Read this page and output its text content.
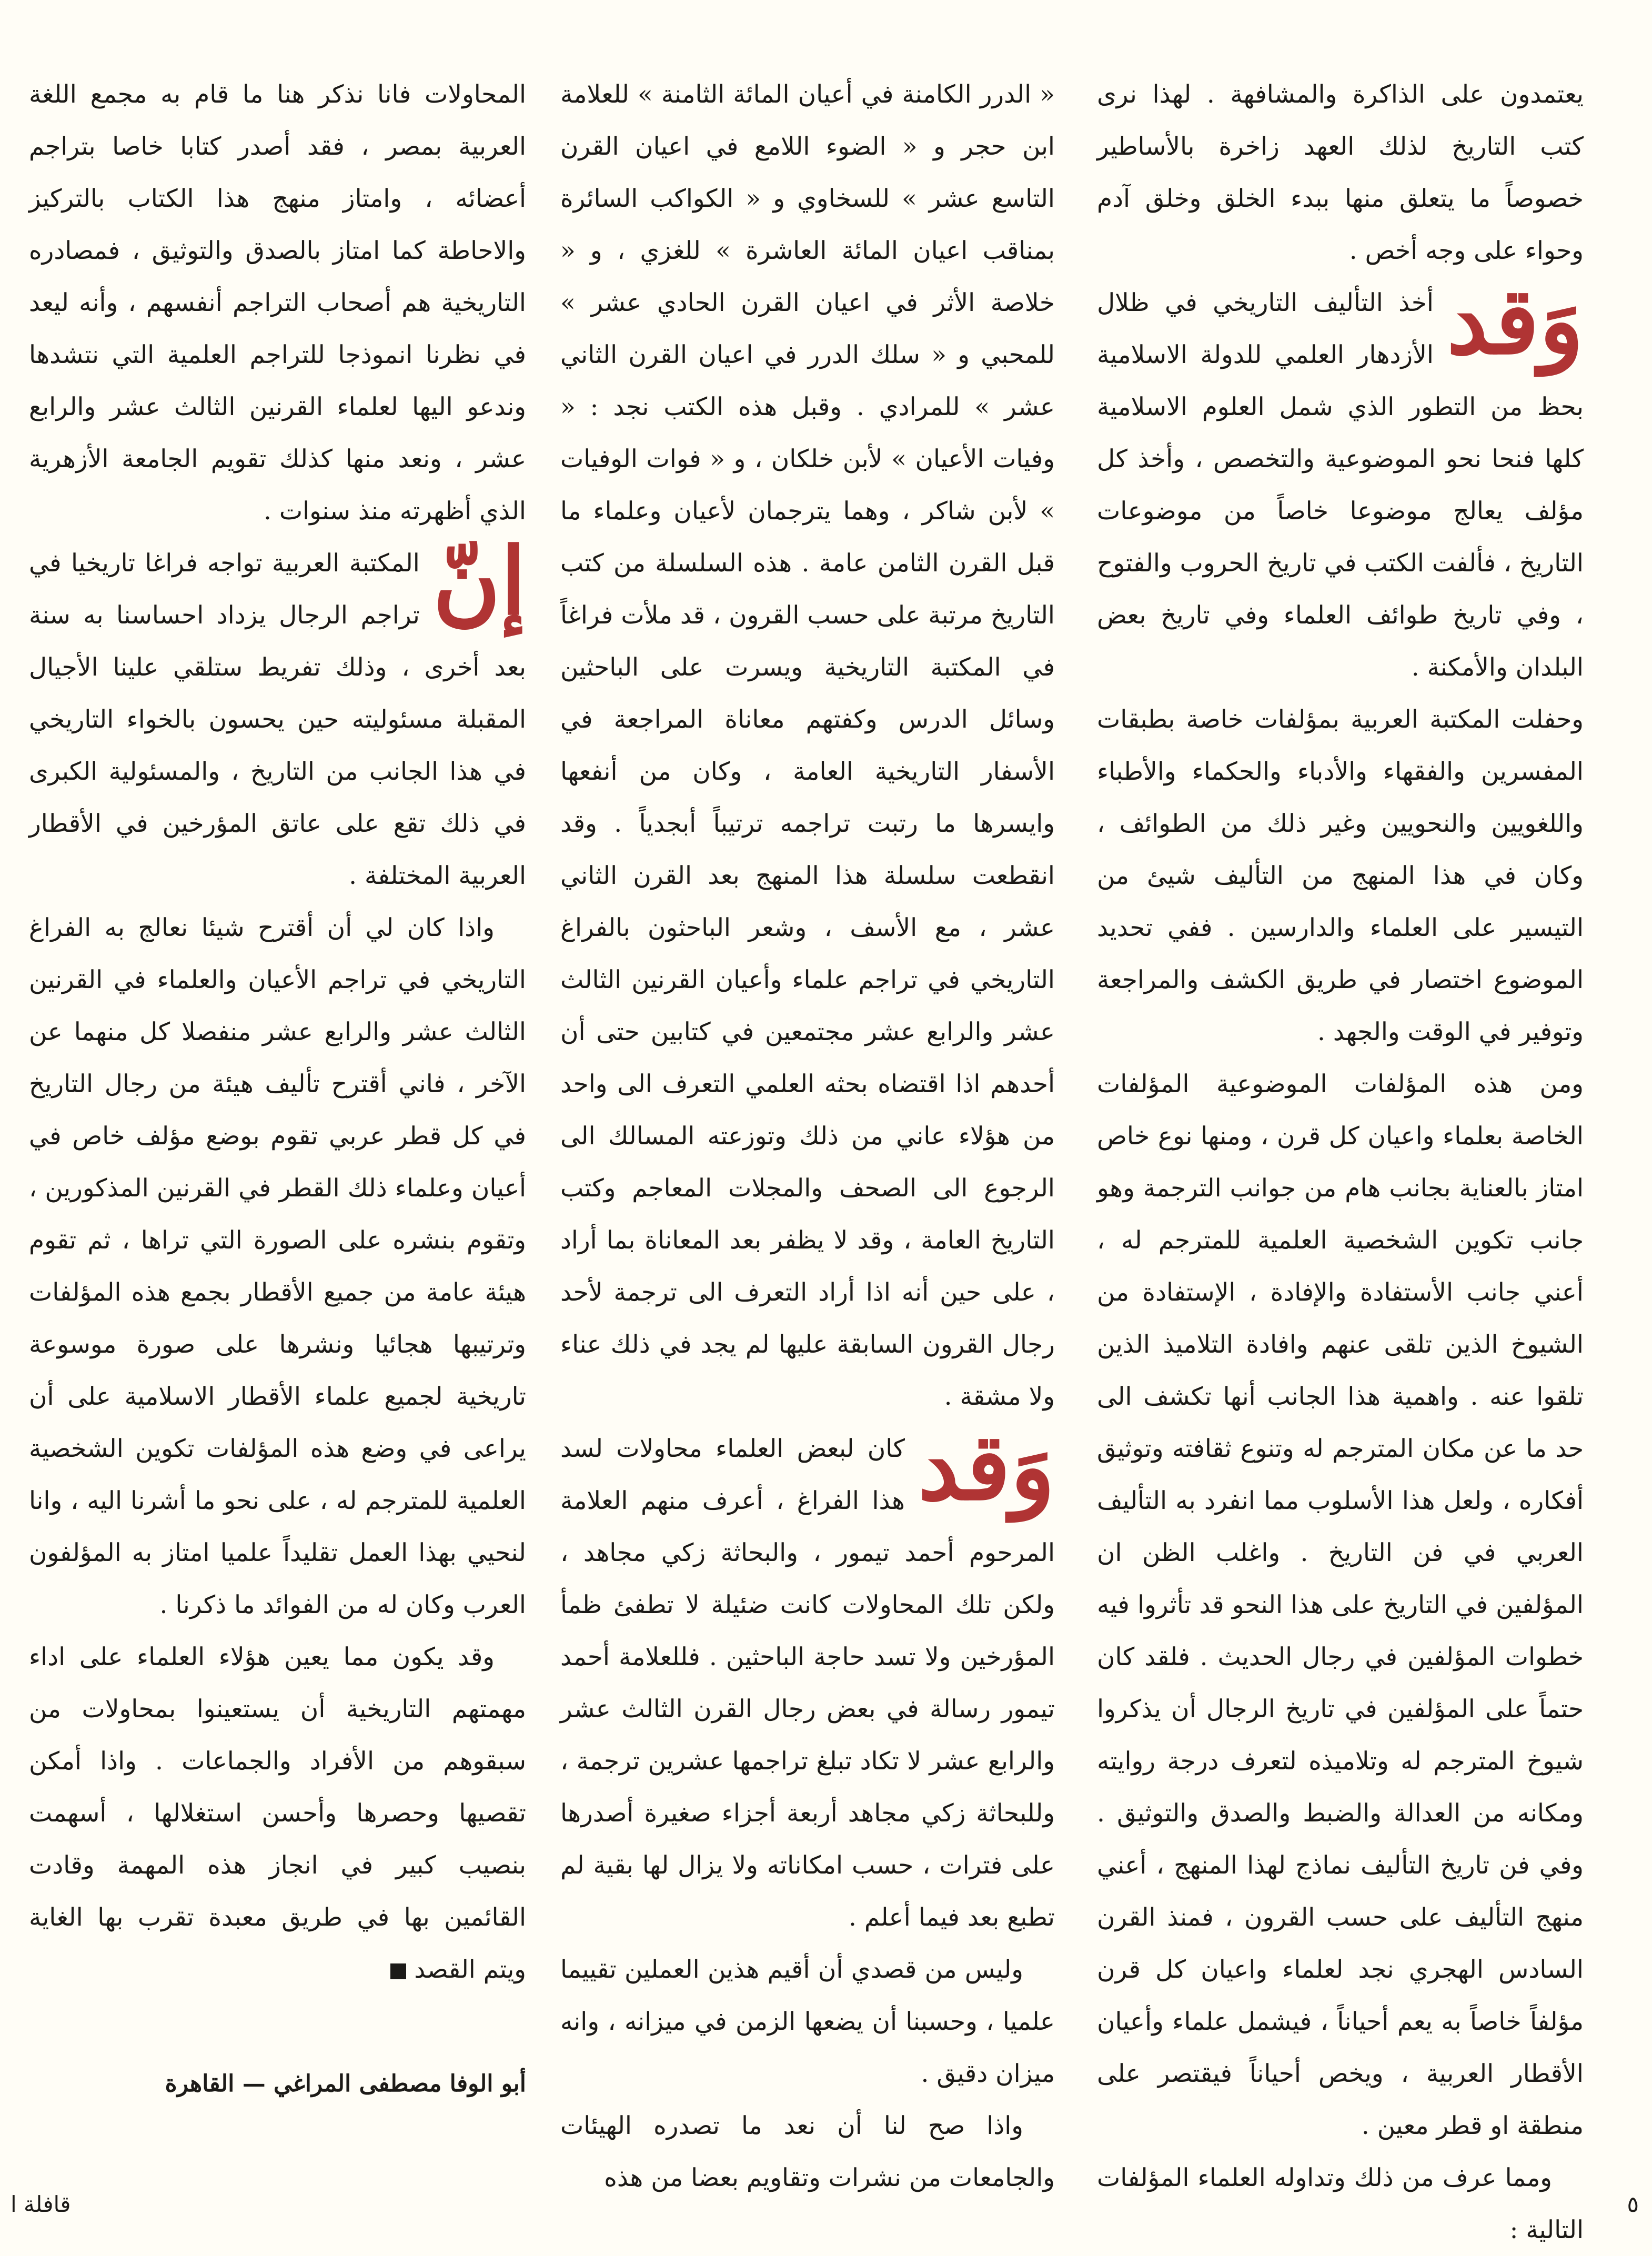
يعتمدون على الذاكرة والمشافهة . لهذا نرى كتب التاريخ لذلك العهد زاخرة بالأساطير خصوصاً ما يتعلق منها ببدء الخلق وخلق آدم وحواء على وجه أخص .

وَقد
أخذ التأليف التاريخي في ظلال الأزدهار العلمي للدولة الاسلامية بحظ من التطور الذي شمل العلوم الاسلامية كلها فنحا نحو الموضوعية والتخصص ، وأخذ كل مؤلف يعالج موضوعا خاصاً من موضوعات التاريخ ، فألفت الكتب في تاريخ الحروب والفتوح ، وفي تاريخ طوائف العلماء وفي تاريخ بعض البلدان والأمكنة .

وحفلت المكتبة العربية بمؤلفات خاصة بطبقات المفسرين والفقهاء والأدباء والحكماء والأطباء واللغويين والنحويين وغير ذلك من الطوائف ، وكان في هذا المنهج من التأليف شيئ من التيسير على العلماء والدارسين . ففي تحديد الموضوع اختصار في طريق الكشف والمراجعة وتوفير في الوقت والجهد .

ومن هذه المؤلفات الموضوعية المؤلفات الخاصة بعلماء واعيان كل قرن ، ومنها نوع خاص امتاز بالعناية بجانب هام من جوانب الترجمة وهو جانب تكوين الشخصية العلمية للمترجم له ، أعني جانب الأستفادة والإفادة ، الإستفادة من الشيوخ الذين تلقى عنهم وافادة التلاميذ الذين تلقوا عنه . واهمية هذا الجانب أنها تكشف الى حد ما عن مكان المترجم له وتنوع ثقافته وتوثيق أفكاره ، ولعل هذا الأسلوب مما انفرد به التأليف العربي في فن التاريخ . واغلب الظن ان المؤلفين في التاريخ على هذا النحو قد تأثروا فيه خطوات المؤلفين في رجال الحديث . فلقد كان حتماً على المؤلفين في تاريخ الرجال أن يذكروا شيوخ المترجم له وتلاميذه لتعرف درجة روايته ومكانه من العدالة والضبط والصدق والتوثيق . وفي فن تاريخ التأليف نماذج لهذا المنهج ، أعني منهج التأليف على حسب القرون ، فمنذ القرن السادس الهجري نجد لعلماء واعيان كل قرن مؤلفاً خاصاً به يعم أحياناً ، فيشمل علماء وأعيان الأقطار العربية ، ويخص أحياناً فيقتصر على منطقة او قطر معين .

ومما عرف من ذلك وتداوله العلماء المؤلفات التالية :

« الدرر الكامنة في أعيان المائة الثامنة » للعلامة ابن حجر و « الضوء اللامع في اعيان القرن التاسع عشر » للسخاوي و « الكواكب السائرة بمناقب اعيان المائة العاشرة » للغزي ، و « خلاصة الأثر في اعيان القرن الحادي عشر » للمحبي و « سلك الدرر في اعيان القرن الثاني عشر » للمرادي . وقبل هذه الكتب نجد : « وفيات الأعيان » لأبن خلكان ، و « فوات الوفيات » لأبن شاكر ، وهما يترجمان لأعيان وعلماء ما قبل القرن الثامن عامة . هذه السلسلة من كتب التاريخ مرتبة على حسب القرون ، قد ملأت فراغاً في المكتبة التاريخية ويسرت على الباحثين وسائل الدرس وكفتهم معاناة المراجعة في الأسفار التاريخية العامة ، وكان من أنفعها وايسرها ما رتبت تراجمه ترتيباً أبجدياً . وقد انقطعت سلسلة هذا المنهج بعد القرن الثاني عشر ، مع الأسف ، وشعر الباحثون بالفراغ التاريخي في تراجم علماء وأعيان القرنين الثالث عشر والرابع عشر مجتمعين في كتابين حتى أن أحدهم اذا اقتضاه بحثه العلمي التعرف الى واحد من هؤلاء عاني من ذلك وتوزعته المسالك الى الرجوع الى الصحف والمجلات المعاجم وكتب التاريخ العامة ، وقد لا يظفر بعد المعاناة بما أراد ، على حين أنه اذا أراد التعرف الى ترجمة لأحد رجال القرون السابقة عليها لم يجد في ذلك عناء ولا مشقة .

وَقد
كان لبعض العلماء محاولات لسد هذا الفراغ ، أعرف منهم العلامة المرحوم أحمد تيمور ، والبحاثة زكي مجاهد ، ولكن تلك المحاولات كانت ضئيلة لا تطفئ ظمأ المؤرخين ولا تسد حاجة الباحثين . فللعلامة أحمد تيمور رسالة في بعض رجال القرن الثالث عشر والرابع عشر لا تكاد تبلغ تراجمها عشرين ترجمة ، وللبحاثة زكي مجاهد أربعة أجزاء صغيرة أصدرها على فترات ، حسب امكاناته ولا يزال لها بقية لم تطبع بعد فيما أعلم .

وليس من قصدي أن أقيم هذين العملين تقييما علميا ، وحسبنا أن يضعها الزمن في ميزانه ، وانه ميزان دقيق .

واذا صح لنا أن نعد ما تصدره الهيئات والجامعات من نشرات وتقاويم بعضا من هذه

المحاولات فانا نذكر هنا ما قام به مجمع اللغة العربية بمصر ، فقد أصدر كتابا خاصا بتراجم أعضائه ، وامتاز منهج هذا الكتاب بالتركيز والاحاطة كما امتاز بالصدق والتوثيق ، فمصادره التاريخية هم أصحاب التراجم أنفسهم ، وأنه ليعد في نظرنا انموذجا للتراجم العلمية التي نتشدها وندعو اليها لعلماء القرنين الثالث عشر والرابع عشر ، ونعد منها كذلك تقويم الجامعة الأزهرية الذي أظهرته منذ سنوات .

إنّ
المكتبة العربية تواجه فراغا تاريخيا في تراجم الرجال يزداد احساسنا به سنة بعد أخرى ، وذلك تفريط ستلقي علينا الأجيال المقبلة مسئوليته حين يحسون بالخواء التاريخي في هذا الجانب من التاريخ ، والمسئولية الكبرى في ذلك تقع على عاتق المؤرخين في الأقطار العربية المختلفة .

واذا كان لي أن أقترح شيئا نعالج به الفراغ التاريخي في تراجم الأعيان والعلماء في القرنين الثالث عشر والرابع عشر منفصلا كل منهما عن الآخر ، فاني أقترح تأليف هيئة من رجال التاريخ في كل قطر عربي تقوم بوضع مؤلف خاص في أعيان وعلماء ذلك القطر في القرنين المذكورين ، وتقوم بنشره على الصورة التي تراها ، ثم تقوم هيئة عامة من جميع الأقطار بجمع هذه المؤلفات وترتيبها هجائيا ونشرها على صورة موسوعة تاريخية لجميع علماء الأقطار الاسلامية على أن يراعى في وضع هذه المؤلفات تكوين الشخصية العلمية للمترجم له ، على نحو ما أشرنا اليه ، وانا لنحيي بهذا العمل تقليداً علميا امتاز به المؤلفون العرب وكان له من الفوائد ما ذكرنا .

وقد يكون مما يعين هؤلاء العلماء على اداء مهمتهم التاريخية أن يستعينوا بمحاولات من سبقوهم من الأفراد والجماعات . واذا أمكن تقصيها وحصرها وأحسن استغلالها ، أسهمت بنصيب كبير في انجاز هذه المهمة وقادت القائمين بها في طريق معبدة تقرب بها الغاية ويتم القصد

أبو الوفا مصطفى المراغي — القاهرة
٥
قافلة ا
